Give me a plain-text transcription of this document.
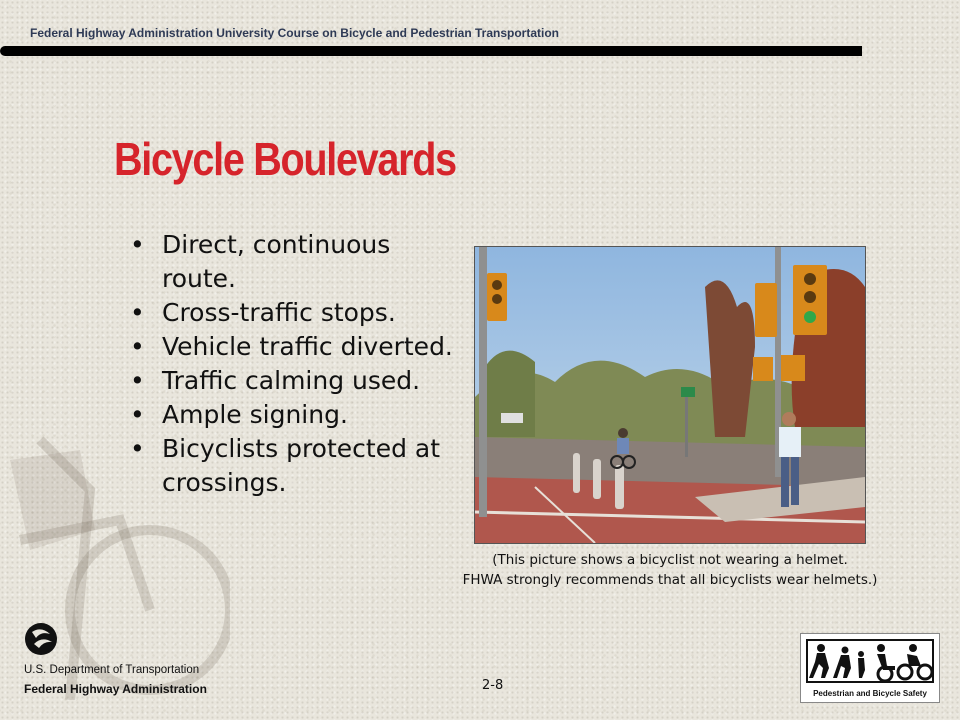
Federal Highway Administration University Course on Bicycle and Pedestrian Transportation
Bicycle Boulevards
• Direct, continuous
route.
• Cross-traffic stops.
• Vehicle traffic diverted.
• Traffic calming used.
• Ample signing.
• Bicyclists protected at
crossings.
(This picture shows a bicyclist not wearing a helmet.
FHWA strongly recommends that all bicyclists wear helmets.)
U.S. Department of Transportation
Federal Highway Administration	2-8
Pedestrian and Bicycle Safety
